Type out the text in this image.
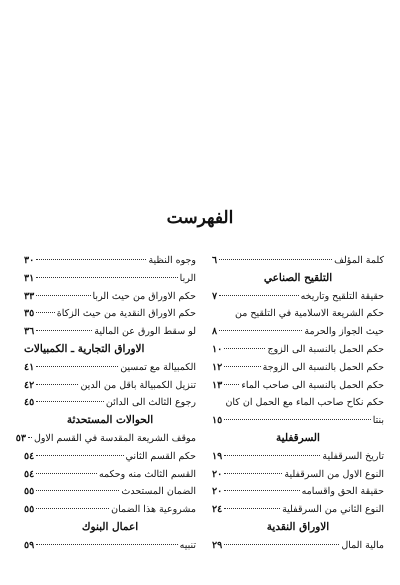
الفهرست
كلمة المؤلف
٦
التلقيح الصناعي
حقيقة التلقيح وتاريخه
٧
حكم الشريعة الاسلامية في التلقيح من
حيث الجواز والحرمة
٨
حكم الحمل بالنسبة الى الزوج
١٠
حكم الحمل بالنسبة الى الزوجة
١٢
حكم الحمل بالنسبة الى صاحب الماء
١٣
حكم نكاح صاحب الماء مع الحمل ان كان
بنتا
١٥
السرقفلية
تاريخ السرقفلية
١٩
النوع الاول من السرقفلية
٢٠
حقيقة الحق واقسامه
٢٠
النوع الثاني من السرقفلية
٢٤
الاوراق النقدية
مالية المال
٢٩
وجوه النظية
٣٠
الربا
٣١
حكم الاوراق من حيث الربا
٣٣
حكم الاوراق النقدية من حيث الزكاة
٣٥
لو سقط الورق عن المالية
٣٦
الاوراق التجارية ـ الكمبيالات
الكمبيالة مع تمسين
٤١
تنزيل الكمبيالة باقل من الدين
٤٢
رجوع الثالث الى الدائن
٤٥
الحوالات المستحدثة
موقف الشريعة المقدسة في القسم الاول
٥٣
حكم القسم الثاني
٥٤
القسم الثالث منه وحكمه
٥٤
الضمان المستحدث
٥٥
مشروعية هذا الضمان
٥٥
اعمال البنوك
تنبيه
٥٩
